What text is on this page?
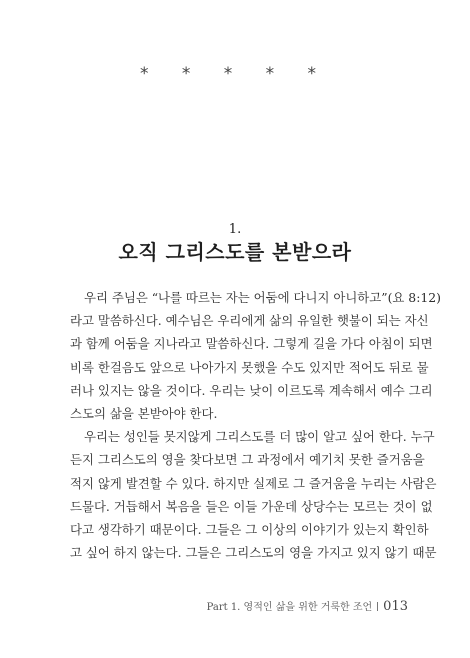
* * * * *
1.
오직 그리스도를 본받으라
우리 주님은 “나를 따르는 자는 어둠에 다니지 아니하고”(요 8:12)
라고 말씀하신다. 예수님은 우리에게 삶의 유일한 햇불이 되는 자신
과 함께 어둠을 지나라고 말씀하신다. 그렇게 길을 가다 아침이 되면
비록 한걸음도 앞으로 나아가지 못했을 수도 있지만 적어도 뒤로 물
러나 있지는 않을 것이다. 우리는 낮이 이르도록 계속해서 예수 그리
스도의 삶을 본받아야 한다.
우리는 성인들 못지않게 그리스도를 더 많이 알고 싶어 한다. 누구
든지 그리스도의 영을 찾다보면 그 과정에서 예기치 못한 즐거움을
적지 않게 발견할 수 있다. 하지만 실제로 그 즐거움을 누리는 사람은
드물다. 거듭해서 복음을 들은 이들 가운데 상당수는 모르는 것이 없
다고 생각하기 때문이다. 그들은 그 이상의 이야기가 있는지 확인하
고 싶어 하지 않는다. 그들은 그리스도의 영을 가지고 있지 않기 때문
Part 1. 영적인 삶을 위한 거룩한 조언 013
